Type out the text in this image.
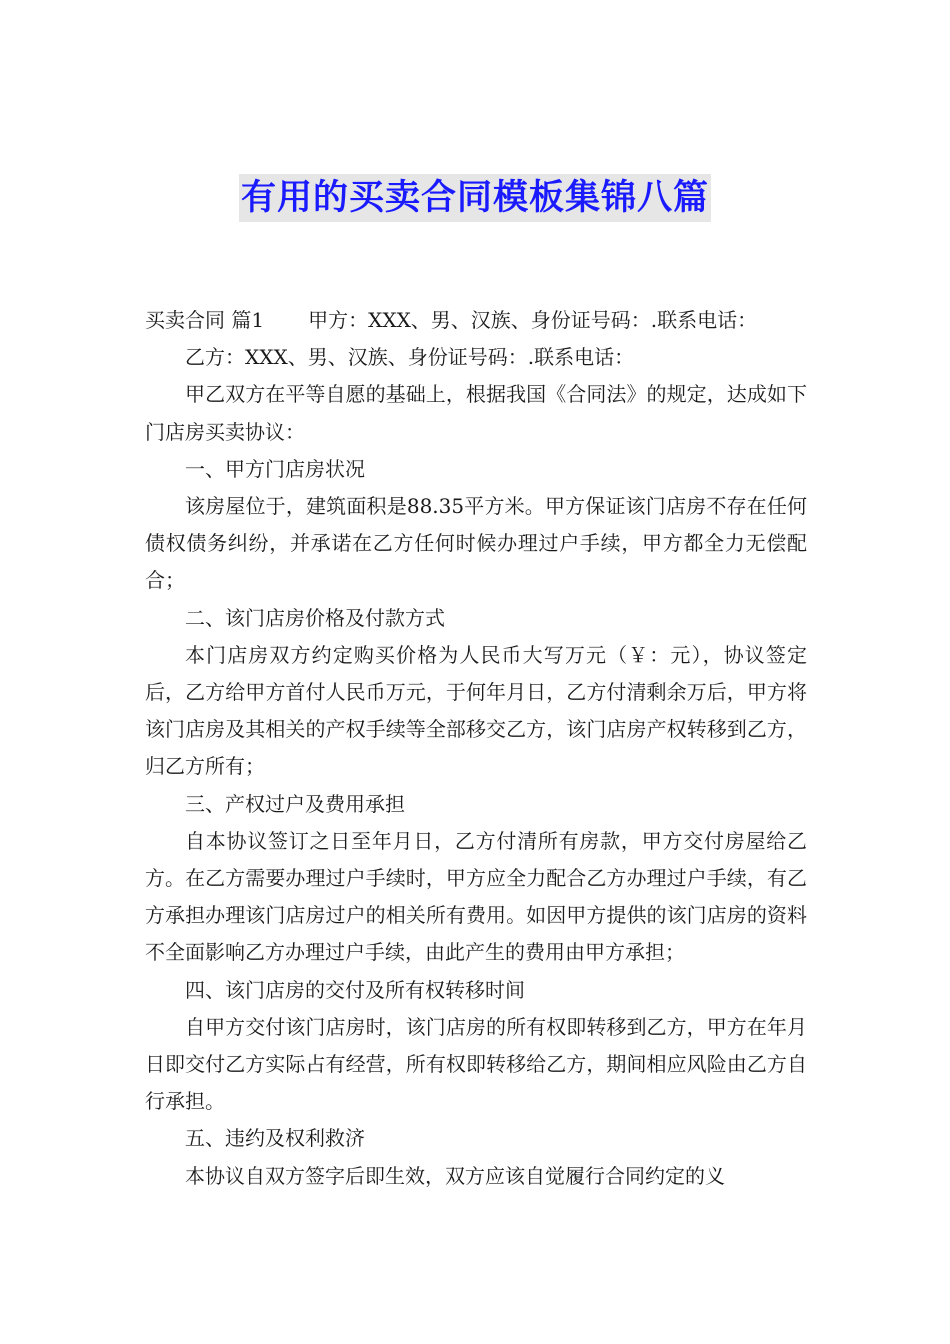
有用的买卖合同模板集锦八篇

买卖合同 篇1 甲方：XXX、男、汉族、身份证号码：.联系电话：

乙方：XXX、男、汉族、身份证号码：.联系电话：

甲乙双方在平等自愿的基础上，根据我国《合同法》的规定，达成如下门店房买卖协议：

一、甲方门店房状况

该房屋位于，建筑面积是88.35平方米。甲方保证该门店房不存在任何债权债务纠纷，并承诺在乙方任何时候办理过户手续，甲方都全力无偿配合；

二、该门店房价格及付款方式

本门店房双方约定购买价格为人民币大写万元（￥：元），协议签定后，乙方给甲方首付人民币万元，于何年月日，乙方付清剩余万后，甲方将该门店房及其相关的产权手续等全部移交乙方，该门店房产权转移到乙方，归乙方所有；

三、产权过户及费用承担

自本协议签订之日至年月日，乙方付清所有房款，甲方交付房屋给乙方。在乙方需要办理过户手续时，甲方应全力配合乙方办理过户手续，有乙方承担办理该门店房过户的相关所有费用。如因甲方提供的该门店房的资料不全面影响乙方办理过户手续，由此产生的费用由甲方承担；

四、该门店房的交付及所有权转移时间

自甲方交付该门店房时，该门店房的所有权即转移到乙方，甲方在年月日即交付乙方实际占有经营，所有权即转移给乙方，期间相应风险由乙方自行承担。

五、违约及权利救济

本协议自双方签字后即生效，双方应该自觉履行合同约定的义
